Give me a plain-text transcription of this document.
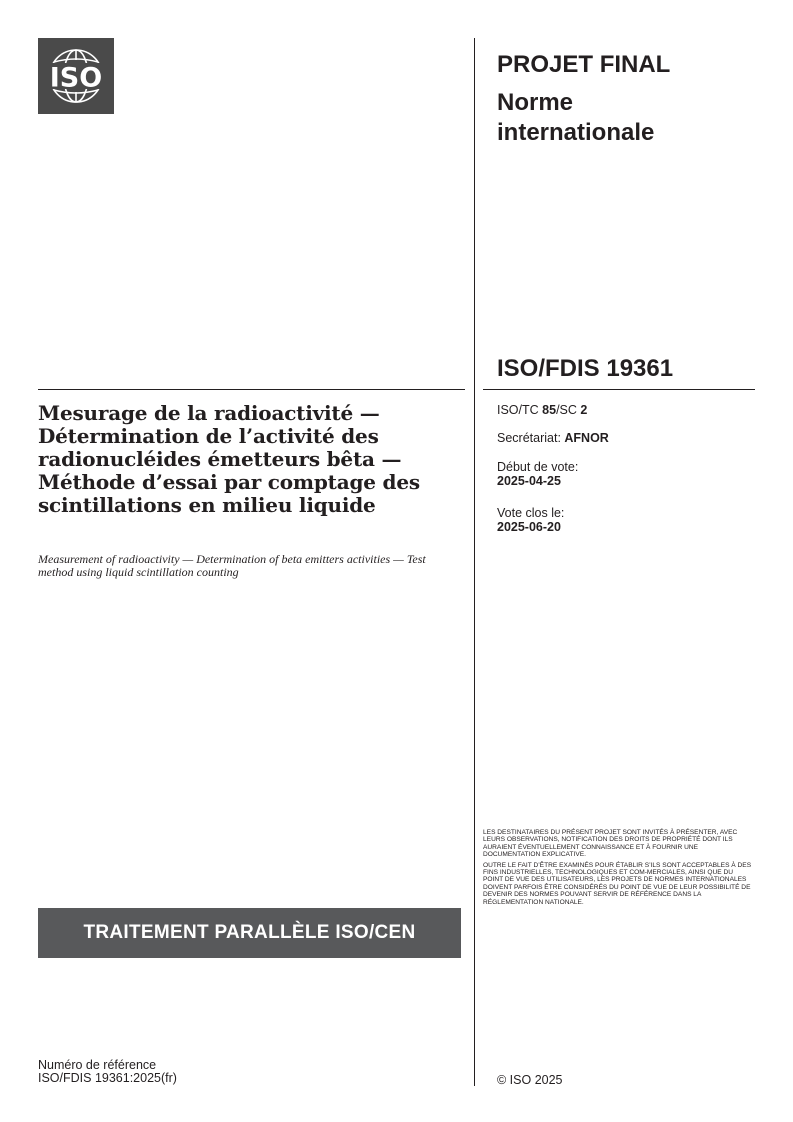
ISO	PROJET FINAL
Norme internationale
ISO/FDIS 19361
Mesurage de la radioactivité — Détermination de l’activité des radionucléides émetteurs bêta — Méthode d’essai par comptage des scintillations en milieu liquide
Measurement of radioactivity — Determination of beta emitters activities — Test method using liquid scintillation counting
ISO/TC 85/SC 2
Secrétariat: AFNOR
Début de vote:
2025-04-25
Vote clos le:
2025-06-20

LES DESTINATAIRES DU PRÉSENT PROJET SONT INVITÉS À PRÉSENTER, AVEC LEURS OBSERVATIONS, NOTIFICATION DES DROITS DE PROPRIÉTÉ DONT ILS AURAIENT ÉVENTUELLEMENT CONNAISSANCE ET À FOURNIR UNE DOCUMENTATION EXPLICATIVE.

OUTRE LE FAIT D’ÊTRE EXAMINÉS POUR ÉTABLIR S’ILS SONT ACCEPTABLES À DES FINS INDUSTRIELLES, TECHNOLOGIQUES ET COM-MERCIALES, AINSI QUE DU POINT DE VUE DES UTILISATEURS, LES PROJETS DE NORMES INTERNATIONALES DOIVENT PARFOIS ÊTRE CONSIDÉRÉS DU POINT DE VUE DE LEUR POSSIBILITÉ DE DEVENIR DES NORMES POUVANT SERVIR DE RÉFÉRENCE DANS LA RÉGLEMENTATION NATIONALE.

TRAITEMENT PARALLÈLE ISO/CEN
Numéro de référence
ISO/FDIS 19361:2025(fr)	© ISO 2025
